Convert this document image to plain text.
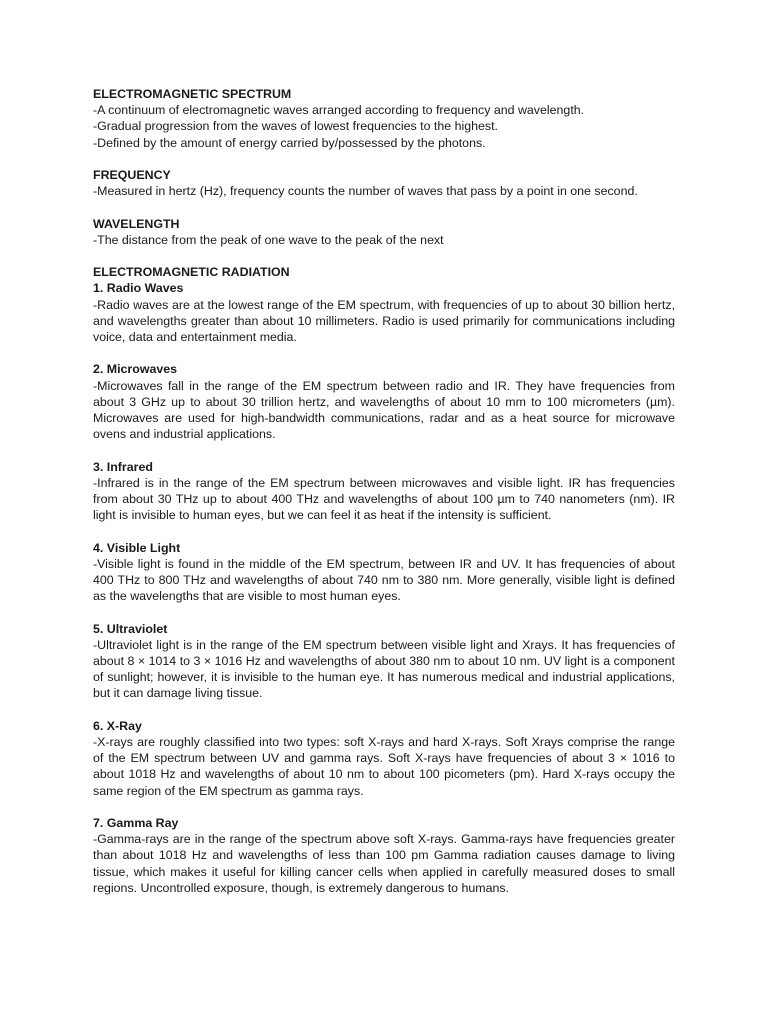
ELECTROMAGNETIC SPECTRUM

-A continuum of electromagnetic waves arranged according to frequency and wavelength.

-Gradual progression from the waves of lowest frequencies to the highest.

-Defined by the amount of energy carried by/possessed by the photons.

FREQUENCY

-Measured in hertz (Hz), frequency counts the number of waves that pass by a point in one second.

WAVELENGTH

-The distance from the peak of one wave to the peak of the next

ELECTROMAGNETIC RADIATION

1. Radio Waves

-Radio waves are at the lowest range of the EM spectrum, with frequencies of up to about 30 billion hertz, and wavelengths greater than about 10 millimeters. Radio is used primarily for communications including voice, data and entertainment media.

2. Microwaves

-Microwaves fall in the range of the EM spectrum between radio and IR. They have frequencies from about 3 GHz up to about 30 trillion hertz, and wavelengths of about 10 mm to 100 micrometers (µm). Microwaves are used for high-bandwidth communications, radar and as a heat source for microwave ovens and industrial applications.

3. Infrared

-Infrared is in the range of the EM spectrum between microwaves and visible light. IR has frequencies from about 30 THz up to about 400 THz and wavelengths of about 100 µm to 740 nanometers (nm). IR light is invisible to human eyes, but we can feel it as heat if the intensity is sufficient.

4. Visible Light

-Visible light is found in the middle of the EM spectrum, between IR and UV. It has frequencies of about 400 THz to 800 THz and wavelengths of about 740 nm to 380 nm. More generally, visible light is defined as the wavelengths that are visible to most human eyes.

5. Ultraviolet

-Ultraviolet light is in the range of the EM spectrum between visible light and Xrays. It has frequencies of about 8 × 1014 to 3 × 1016 Hz and wavelengths of about 380 nm to about 10 nm. UV light is a component of sunlight; however, it is invisible to the human eye. It has numerous medical and industrial applications, but it can damage living tissue.

6. X-Ray

-X-rays are roughly classified into two types: soft X-rays and hard X-rays. Soft Xrays comprise the range of the EM spectrum between UV and gamma rays. Soft X-rays have frequencies of about 3 × 1016 to about 1018 Hz and wavelengths of about 10 nm to about 100 picometers (pm). Hard X-rays occupy the same region of the EM spectrum as gamma rays.

7. Gamma Ray

-Gamma-rays are in the range of the spectrum above soft X-rays. Gamma-rays have frequencies greater than about 1018 Hz and wavelengths of less than 100 pm Gamma radiation causes damage to living tissue, which makes it useful for killing cancer cells when applied in carefully measured doses to small regions. Uncontrolled exposure, though, is extremely dangerous to humans.
